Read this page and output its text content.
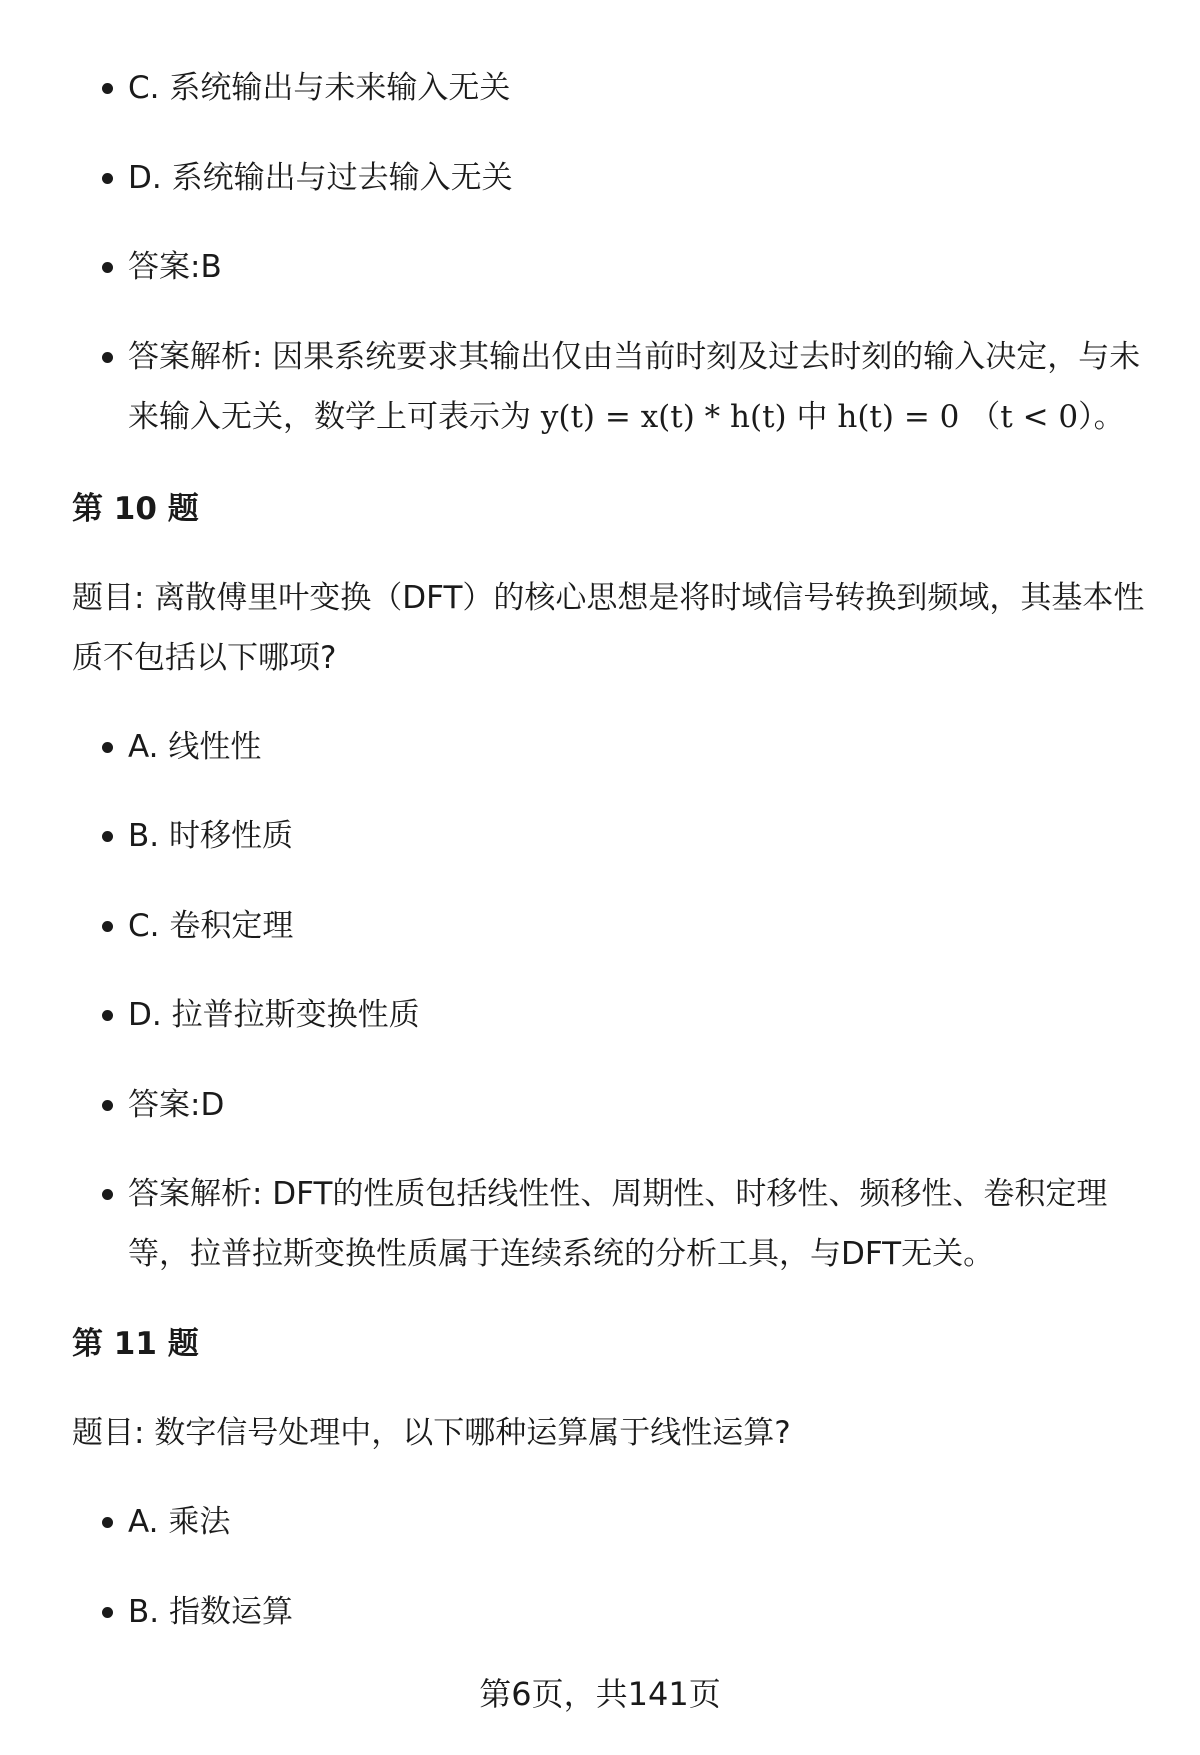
C. 系统输出与未来输入无关
D. 系统输出与过去输入无关
答案:B
答案解析: 因果系统要求其输出仅由当前时刻及过去时刻的输入决定，与未来输入无关，数学上可表示为 y(t) = x(t) * h(t) 中 h(t) = 0 （t < 0）。
第 10 题
题目: 离散傅里叶变换（DFT）的核心思想是将时域信号转换到频域，其基本性质不包括以下哪项?
A. 线性性
B. 时移性质
C. 卷积定理
D. 拉普拉斯变换性质
答案:D
答案解析: DFT的性质包括线性性、周期性、时移性、频移性、卷积定理等，拉普拉斯变换性质属于连续系统的分析工具，与DFT无关。
第 11 题
题目: 数字信号处理中，以下哪种运算属于线性运算?
A. 乘法
B. 指数运算
第6页，共141页
